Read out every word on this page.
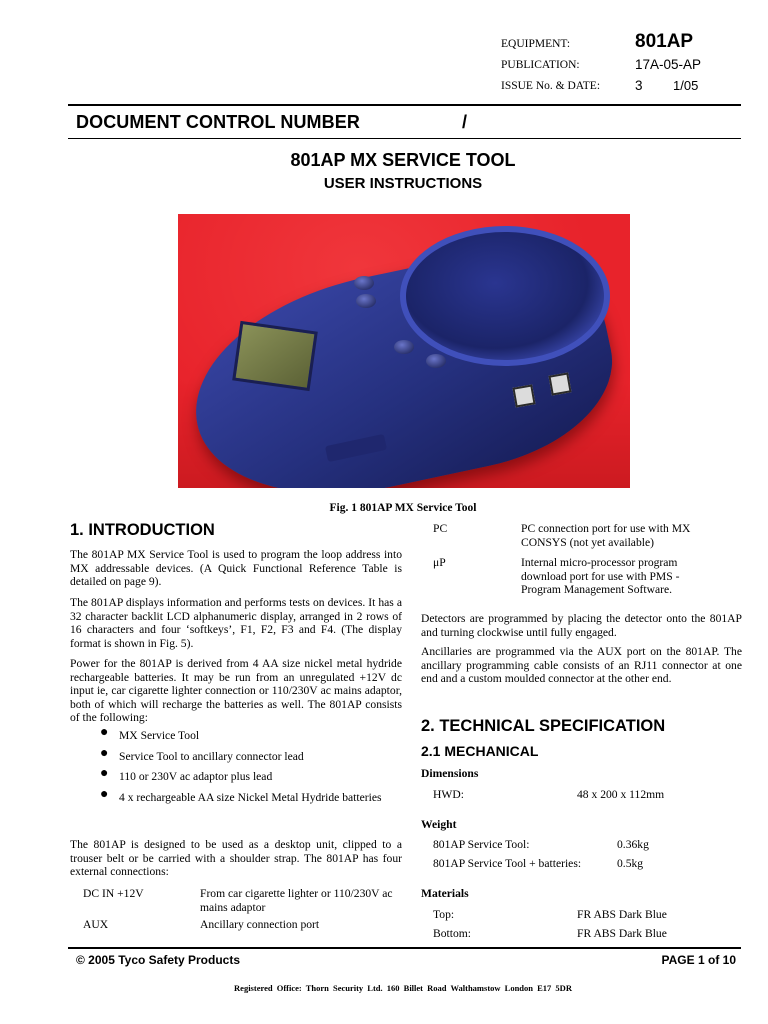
EQUIPMENT:	801AP
PUBLICATION:	17A-05-AP
ISSUE No. & DATE:	3 1/05
DOCUMENT CONTROL NUMBER	/
801AP MX SERVICE TOOL
USER INSTRUCTIONS
Fig. 1 801AP MX Service Tool
1. INTRODUCTION

The 801AP MX Service Tool is used to program the loop address into MX addressable devices. (A Quick Functional Reference Table is detailed on page 9).

The 801AP displays information and performs tests on devices. It has a 32 character backlit LCD alphanumeric display, arranged in 2 rows of 16 characters and four ‘softkeys’, F1, F2, F3 and F4. (The display format is shown in Fig. 5).

Power for the 801AP is derived from 4 AA size nickel metal hydride rechargeable batteries. It may be run from an unregulated +12V dc input ie, car cigarette lighter connection or 110/230V ac mains adaptor, both of which will recharge the batteries as well. The 801AP consists of the following:

● MX Service Tool
● Service Tool to ancillary connector lead
● 110 or 230V ac adaptor plus lead
● 4 x rechargeable AA size Nickel Metal Hydride batteries

The 801AP is designed to be used as a desktop unit, clipped to a trouser belt or be carried with a shoulder strap. The 801AP has four external connections:

DC IN +12V	From car cigarette lighter or 110/230V ac mains adaptor
AUX	Ancillary connection port
PC	PC connection port for use with MX CONSYS (not yet available)
μP	Internal micro-processor program download port for use with PMS - Program Management Software.

Detectors are programmed by placing the detector onto the 801AP and turning clockwise until fully engaged.

Ancillaries are programmed via the AUX port on the 801AP. The ancillary programming cable consists of an RJ11 connector at one end and a custom moulded connector at the other end.

2. TECHNICAL SPECIFICATION
2.1 MECHANICAL
Dimensions
HWD:	48 x 200 x 112mm
Weight
801AP Service Tool:	0.36kg
801AP Service Tool + batteries:	0.5kg
Materials
Top:	FR ABS Dark Blue
Bottom:	FR ABS Dark Blue
© 2005 Tyco Safety Products	PAGE 1 of 10
Registered Office: Thorn Security Ltd. 160 Billet Road Walthamstow London E17 5DR
